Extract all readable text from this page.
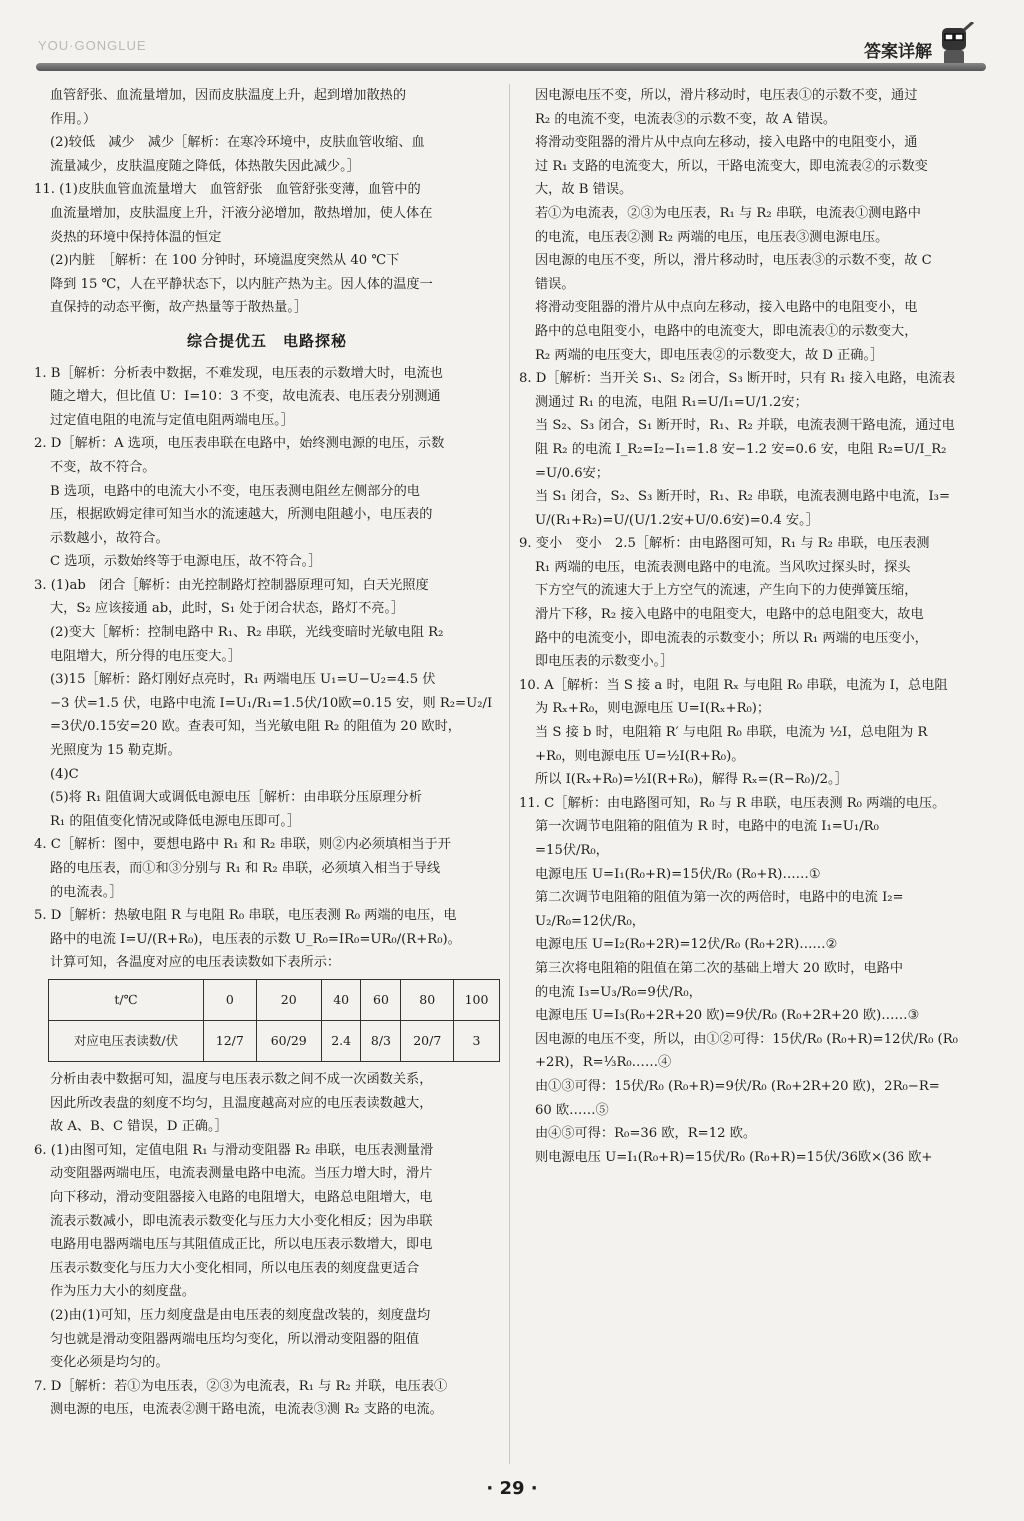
YOU·GONGLUE	答案详解

血管舒张、血流量增加，因而皮肤温度上升，起到增加散热的

作用。）

(2)较低　减少　减少［解析：在寒冷环境中，皮肤血管收缩、血

流量减少，皮肤温度随之降低，体热散失因此减少。］

11. (1)皮肤血管血流量增大　血管舒张　血管舒张变薄，血管中的

血流量增加，皮肤温度上升，汗液分泌增加，散热增加，使人体在

炎热的环境中保持体温的恒定

(2)内脏　［解析：在 100 分钟时，环境温度突然从 40 ℃下

降到 15 ℃，人在平静状态下，以内脏产热为主。因人体的温度一

直保持的动态平衡，故产热量等于散热量。］

综合提优五　电路探秘

1. B［解析：分析表中数据，不难发现，电压表的示数增大时，电流也

随之增大，但比值 U：I=10：3 不变，故电流表、电压表分别测通

过定值电阻的电流与定值电阻两端电压。］

2. D［解析：A 选项，电压表串联在电路中，始终测电源的电压，示数

不变，故不符合。

B 选项，电路中的电流大小不变，电压表测电阻丝左侧部分的电

压，根据欧姆定律可知当水的流速越大，所测电阻越小，电压表的

示数越小，故符合。

C 选项，示数始终等于电源电压，故不符合。］

3. (1)ab　闭合［解析：由光控制路灯控制器原理可知，白天光照度

大，S₂ 应该接通 ab，此时，S₁ 处于闭合状态，路灯不亮。］

(2)变大［解析：控制电路中 R₁、R₂ 串联，光线变暗时光敏电阻 R₂

电阻增大，所分得的电压变大。］

(3)15［解析：路灯刚好点亮时，R₁ 两端电压 U₁=U−U₂=4.5 伏

−3 伏=1.5 伏，电路中电流 I=U₁/R₁=1.5伏/10欧=0.15 安，则 R₂=U₂/I

=3伏/0.15安=20 欧。查表可知，当光敏电阻 R₂ 的阻值为 20 欧时，

光照度为 15 勒克斯。

(4)C

(5)将 R₁ 阻值调大或调低电源电压［解析：由串联分压原理分析

R₁ 的阻值变化情况或降低电源电压即可。］

4. C［解析：图中，要想电路中 R₁ 和 R₂ 串联，则②内必须填相当于开

路的电压表，而①和③分别与 R₁ 和 R₂ 串联，必须填入相当于导线

的电流表。］

5. D［解析：热敏电阻 R 与电阻 R₀ 串联，电压表测 R₀ 两端的电压，电

路中的电流 I=U/(R+R₀)，电压表的示数 U_R₀=IR₀=UR₀/(R+R₀)。

计算可知，各温度对应的电压表读数如下表所示：

t/℃	0	20	40	60	80	100
对应电压表读数/伏	12/7	60/29	2.4	8/3	20/7	3

分析由表中数据可知，温度与电压表示数之间不成一次函数关系，

因此所改表盘的刻度不均匀，且温度越高对应的电压表读数越大，

故 A、B、C 错误，D 正确。］

6. (1)由图可知，定值电阻 R₁ 与滑动变阻器 R₂ 串联，电压表测量滑

动变阻器两端电压，电流表测量电路中电流。当压力增大时，滑片

向下移动，滑动变阻器接入电路的电阻增大，电路总电阻增大，电

流表示数减小，即电流表示数变化与压力大小变化相反；因为串联

电路用电器两端电压与其阻值成正比，所以电压表示数增大，即电

压表示数变化与压力大小变化相同，所以电压表的刻度盘更适合

作为压力大小的刻度盘。

(2)由(1)可知，压力刻度盘是由电压表的刻度盘改装的，刻度盘均

匀也就是滑动变阻器两端电压均匀变化，所以滑动变阻器的阻值

变化必须是均匀的。

7. D［解析：若①为电压表，②③为电流表，R₁ 与 R₂ 并联，电压表①

测电源的电压，电流表②测干路电流，电流表③测 R₂ 支路的电流。

因电源电压不变，所以，滑片移动时，电压表①的示数不变，通过

R₂ 的电流不变，电流表③的示数不变，故 A 错误。

将滑动变阻器的滑片从中点向左移动，接入电路中的电阻变小，通

过 R₁ 支路的电流变大，所以，干路电流变大，即电流表②的示数变

大，故 B 错误。

若①为电流表，②③为电压表，R₁ 与 R₂ 串联，电流表①测电路中

的电流，电压表②测 R₂ 两端的电压，电压表③测电源电压。

因电源的电压不变，所以，滑片移动时，电压表③的示数不变，故 C

错误。

将滑动变阻器的滑片从中点向左移动，接入电路中的电阻变小，电

路中的总电阻变小，电路中的电流变大，即电流表①的示数变大，

R₂ 两端的电压变大，即电压表②的示数变大，故 D 正确。］

8. D［解析：当开关 S₁、S₂ 闭合，S₃ 断开时，只有 R₁ 接入电路，电流表

测通过 R₁ 的电流，电阻 R₁=U/I₁=U/1.2安；

当 S₂、S₃ 闭合，S₁ 断开时，R₁、R₂ 并联，电流表测干路电流，通过电

阻 R₂ 的电流 I_R₂=I₂−I₁=1.8 安−1.2 安=0.6 安，电阻 R₂=U/I_R₂

=U/0.6安；

当 S₁ 闭合，S₂、S₃ 断开时，R₁、R₂ 串联，电流表测电路中电流，I₃=

U/(R₁+R₂)=U/(U/1.2安+U/0.6安)=0.4 安。］

9. 变小　变小　2.5［解析：由电路图可知，R₁ 与 R₂ 串联，电压表测

R₁ 两端的电压，电流表测电路中的电流。当风吹过探头时，探头

下方空气的流速大于上方空气的流速，产生向下的力使弹簧压缩，

滑片下移，R₂ 接入电路中的电阻变大，电路中的总电阻变大，故电

路中的电流变小，即电流表的示数变小；所以 R₁ 两端的电压变小，

即电压表的示数变小。］

10. A［解析：当 S 接 a 时，电阻 Rₓ 与电阻 R₀ 串联，电流为 I，总电阻

为 Rₓ+R₀，则电源电压 U=I(Rₓ+R₀)；

当 S 接 b 时，电阻箱 R′ 与电阻 R₀ 串联，电流为 ½I，总电阻为 R

+R₀，则电源电压 U=½I(R+R₀)。

所以 I(Rₓ+R₀)=½I(R+R₀)，解得 Rₓ=(R−R₀)/2。］

11. C［解析：由电路图可知，R₀ 与 R 串联，电压表测 R₀ 两端的电压。

第一次调节电阻箱的阻值为 R 时，电路中的电流 I₁=U₁/R₀

=15伏/R₀，

电源电压 U=I₁(R₀+R)=15伏/R₀ (R₀+R)……①

第二次调节电阻箱的阻值为第一次的两倍时，电路中的电流 I₂=

U₂/R₀=12伏/R₀，

电源电压 U=I₂(R₀+2R)=12伏/R₀ (R₀+2R)……②

第三次将电阻箱的阻值在第二次的基础上增大 20 欧时，电路中

的电流 I₃=U₃/R₀=9伏/R₀，

电源电压 U=I₃(R₀+2R+20 欧)=9伏/R₀ (R₀+2R+20 欧)……③

因电源的电压不变，所以，由①②可得：15伏/R₀ (R₀+R)=12伏/R₀ (R₀

+2R)，R=⅓R₀……④

由①③可得：15伏/R₀ (R₀+R)=9伏/R₀ (R₀+2R+20 欧)，2R₀−R=

60 欧……⑤

由④⑤可得：R₀=36 欧，R=12 欧。

则电源电压 U=I₁(R₀+R)=15伏/R₀ (R₀+R)=15伏/36欧×(36 欧+

· 29 ·
